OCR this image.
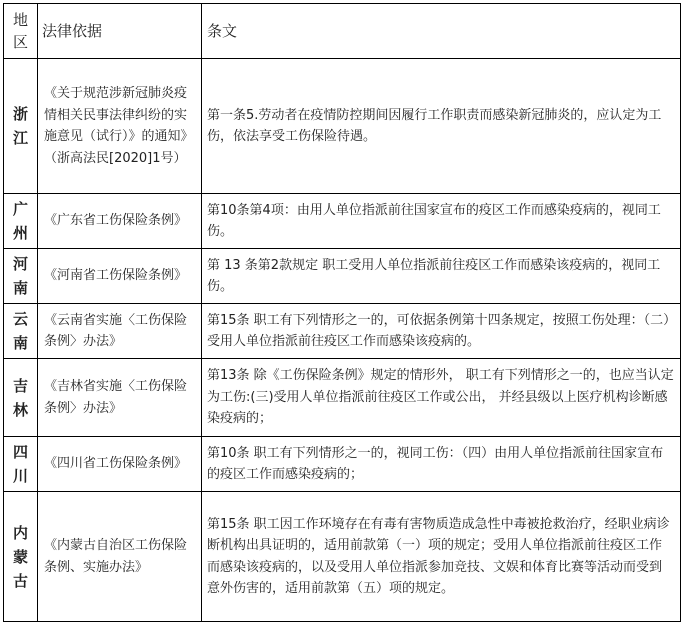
地区	法律依据	条文
浙江	《关于规范涉新冠肺炎疫情相关民事法律纠纷的实施意见（试行）》的通知》（浙高法民[2020]1号）	第一条5.劳动者在疫情防控期间因履行工作职责而感染新冠肺炎的，应认定为工伤，依法享受工伤保险待遇。
广州	《广东省工伤保险条例》	第10条第4项：由用人单位指派前往国家宣布的疫区工作而感染疫病的，视同工伤。
河南	《河南省工伤保险条例》	第 13 条第2款规定 职工受用人单位指派前往疫区工作而感染该疫病的，视同工伤。
云南	《云南省实施〈工伤保险条例〉办法》	第15条 职工有下列情形之一的，可依据条例第十四条规定，按照工伤处理：（二）受用人单位指派前往疫区工作而感染该疫病的。
吉林	《吉林省实施〈工伤保险条例〉办法》	第13条 除《工伤保险条例》规定的情形外， 职工有下列情形之一的，也应当认定为工伤:(三)受用人单位指派前往疫区工作或公出， 并经县级以上医疗机构诊断感染疫病的；
四川	《四川省工伤保险条例》	第10条 职工有下列情形之一的，视同工伤：（四）由用人单位指派前往国家宣布的疫区工作而感染疫病的；
内蒙古	《内蒙古自治区工伤保险条例、实施办法》	第15条 职工因工作环境存在有毒有害物质造成急性中毒被抢救治疗，经职业病诊断机构出具证明的，适用前款第（一）项的规定；受用人单位指派前往疫区工作而感染该疫病的，以及受用人单位指派参加竞技、文娱和体育比赛等活动而受到意外伤害的，适用前款第（五）项的规定。
